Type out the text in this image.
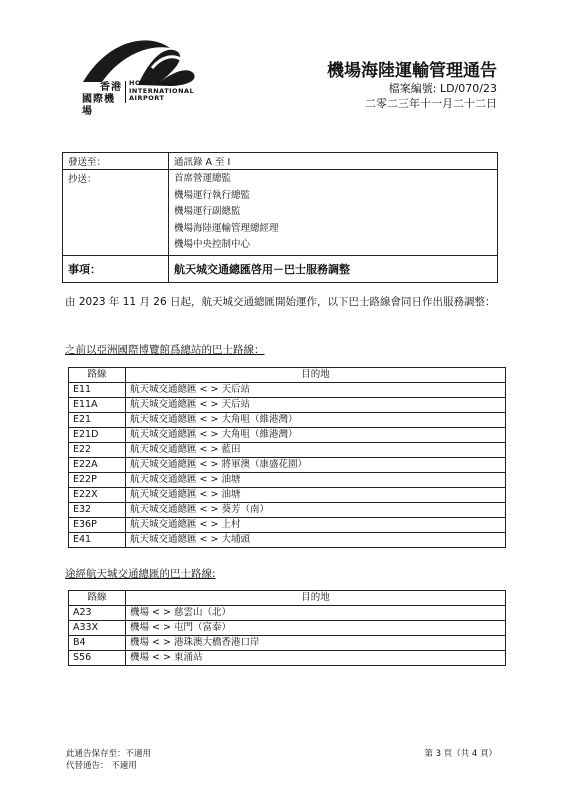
香港
國際機場
HONG KONG
INTERNATIONAL
AIRPORT
機場海陸運輸管理通告
檔案編號: LD/070/23
二零二三年十一月二十二日
發送至：	通訊錄 A 至 I
抄送：	首席營運總監
機場運行執行總監
機場運行副總監
機場海陸運輸管理總經理
機場中央控制中心

事項：	航天城交通總匯啓用－巴士服務調整
由 2023 年 11 月 26 日起，航天城交通總匯開始運作，以下巴士路線會同日作出服務調整：
之前以亞洲國際博覽館爲總站的巴士路線：
路線	目的地
E11	航天城交通總匯 < > 天后站
E11A	航天城交通總匯 < > 天后站
E21	航天城交通總匯 < > 大角咀（維港灣）
E21D	航天城交通總匯 < > 大角咀（維港灣）
E22	航天城交通總匯 < > 藍田
E22A	航天城交通總匯 < > 將軍澳（康盛花園）
E22P	航天城交通總匯 < > 油塘
E22X	航天城交通總匯 < > 油塘
E32	航天城交通總匯 < > 葵芳（南）
E36P	航天城交通總匯 < > 上村
E41	航天城交通總匯 < > 大埔頭
途經航天城交通總匯的巴士路線:
路線	目的地
A23	機場 < > 慈雲山（北）
A33X	機場 < > 屯門（富泰）
B4	機場 < > 港珠澳大橋香港口岸
S56	機場 < > 東涌站
此通告保存至：不適用
代替通告： 不適用
第 3 頁（共 4 頁）
